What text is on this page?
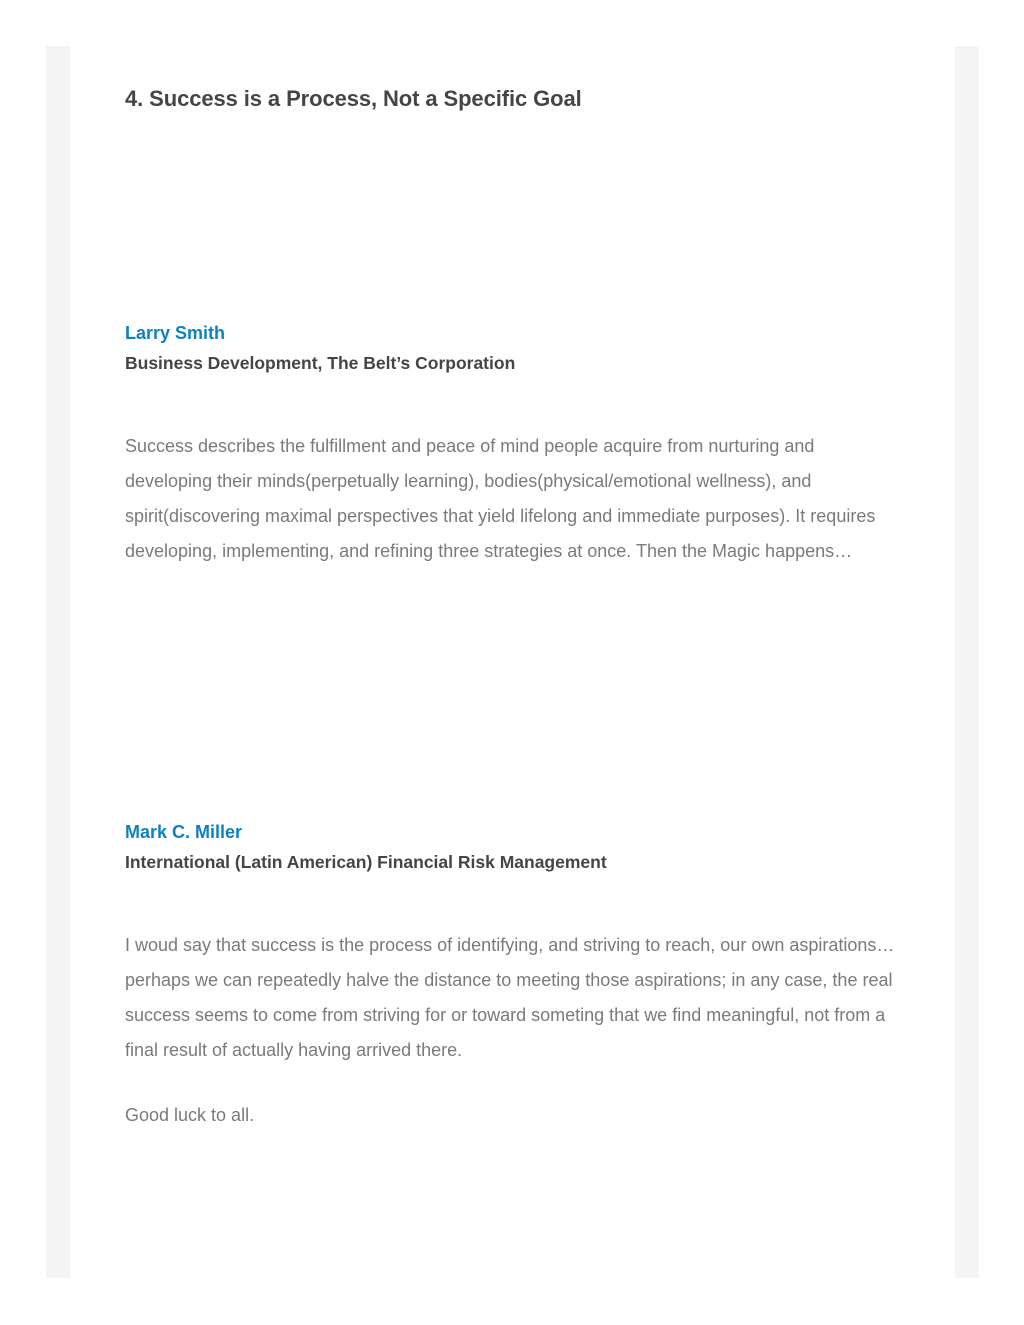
4. Success is a Process, Not a Specific Goal
Larry Smith
Business Development, The Belt’s Corporation

Success describes the fulfillment and peace of mind people acquire from nurturing and developing their minds(perpetually learning), bodies(physical/emotional wellness), and spirit(discovering maximal perspectives that yield lifelong and immediate purposes). It requires developing, implementing, and refining three strategies at once. Then the Magic happens…

Mark C. Miller
International (Latin American) Financial Risk Management

I woud say that success is the process of identifying, and striving to reach, our own aspirations…perhaps we can repeatedly halve the distance to meeting those aspirations; in any case, the real success seems to come from striving for or toward someting that we find meaningful, not from a final result of actually having arrived there.

Good luck to all.
